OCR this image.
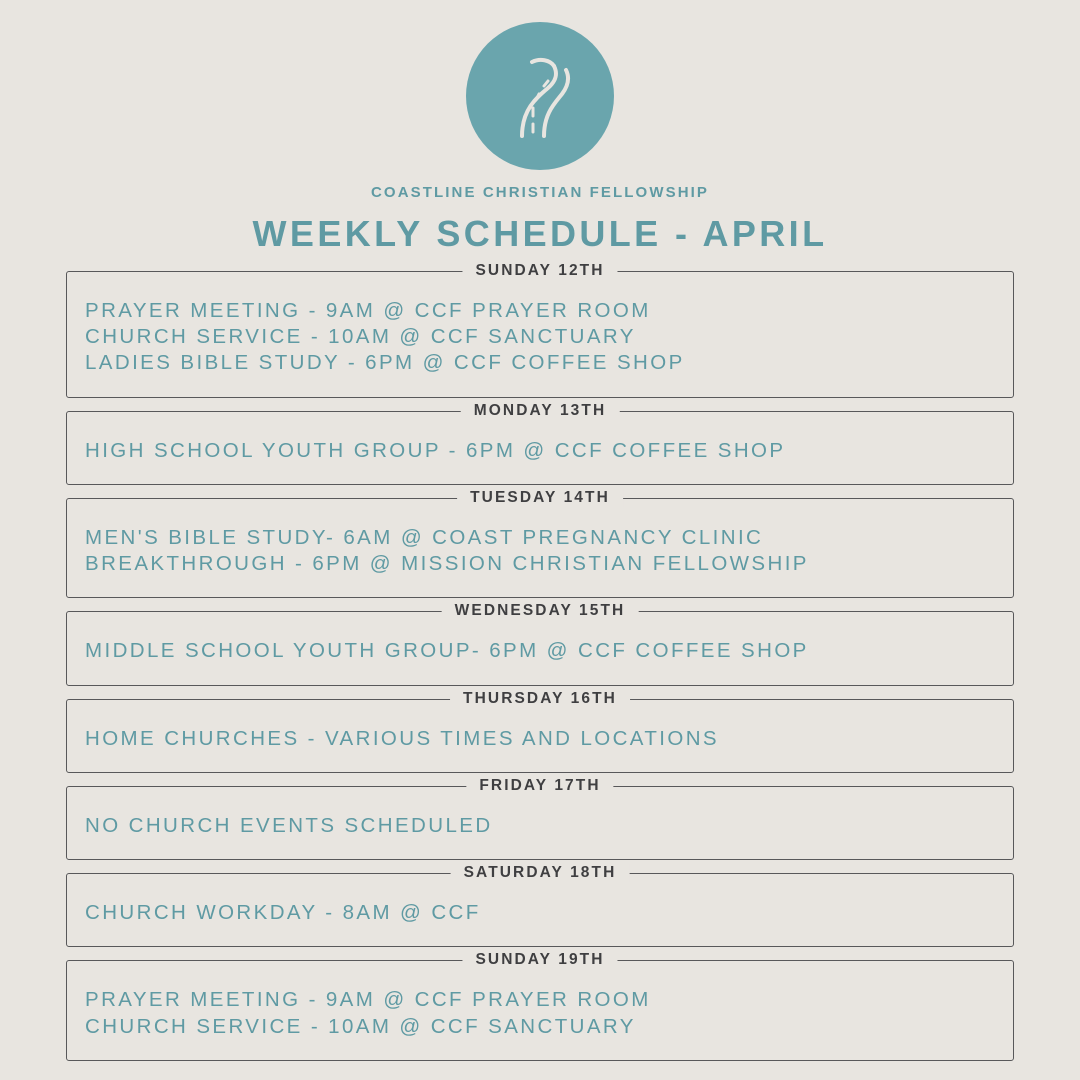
COASTLINE CHRISTIAN FELLOWSHIP
WEEKLY SCHEDULE - APRIL
SUNDAY 12TH
PRAYER MEETING - 9AM @ CCF PRAYER ROOM
CHURCH SERVICE - 10AM @ CCF SANCTUARY
LADIES BIBLE STUDY - 6PM @ CCF COFFEE SHOP
MONDAY 13TH
HIGH SCHOOL YOUTH GROUP - 6PM @ CCF COFFEE SHOP
TUESDAY 14TH
MEN'S BIBLE STUDY- 6AM @ COAST PREGNANCY CLINIC
BREAKTHROUGH - 6PM @ MISSION CHRISTIAN FELLOWSHIP
WEDNESDAY 15TH
MIDDLE SCHOOL YOUTH GROUP- 6PM @ CCF COFFEE SHOP
THURSDAY 16TH
HOME CHURCHES - VARIOUS TIMES AND LOCATIONS
FRIDAY 17TH
NO CHURCH EVENTS SCHEDULED
SATURDAY 18TH
CHURCH WORKDAY - 8AM @ CCF
SUNDAY 19TH
PRAYER MEETING - 9AM @ CCF PRAYER ROOM
CHURCH SERVICE - 10AM @ CCF SANCTUARY
